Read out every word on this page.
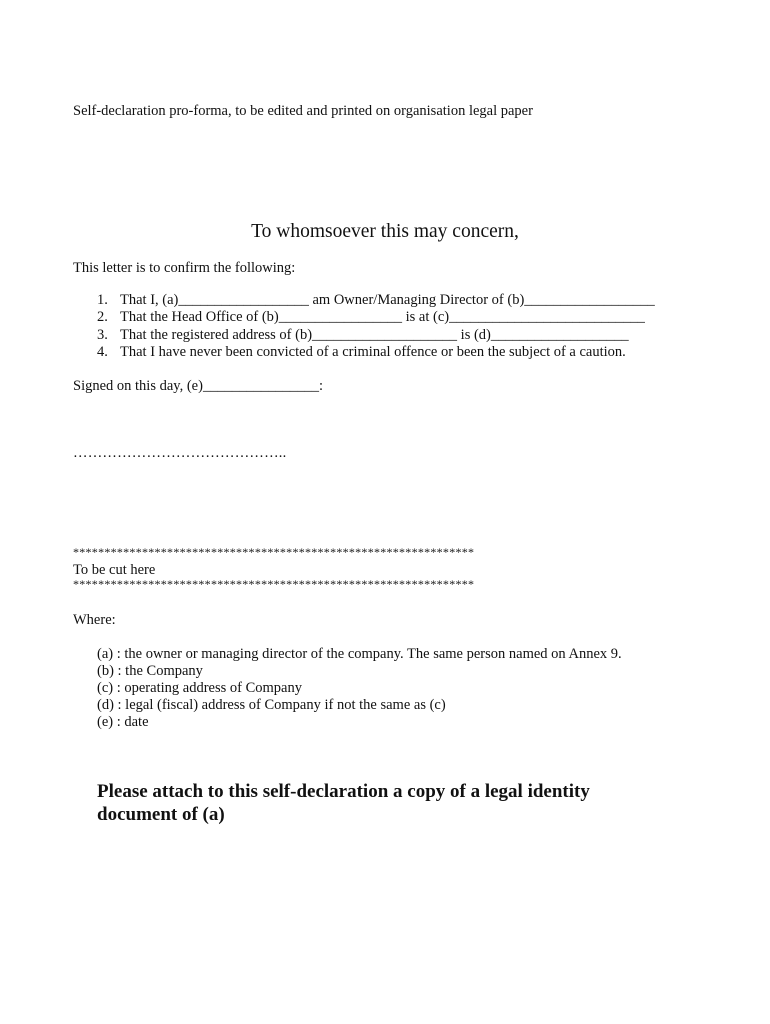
Self-declaration pro-forma, to be edited and printed on organisation legal paper
To whomsoever this may concern,
This letter is to confirm the following:
1. That I, (a)__________________ am Owner/Managing Director of (b)__________________
2. That the Head Office of (b)_________________ is at (c)___________________________
3. That the registered address of (b)____________________ is (d)___________________
4. That I have never been convicted of a criminal offence or been the subject of a caution.
Signed on this day, (e)________________:
……………………………………..
****************************************************************
To be cut here
****************************************************************
Where:
(a) : the owner or managing director of the company. The same person named on Annex 9.
(b) : the Company
(c) : operating address of Company
(d) : legal (fiscal) address of Company if not the same as (c)
(e) : date
Please attach to this self-declaration a copy of a legal identity document of (a)
